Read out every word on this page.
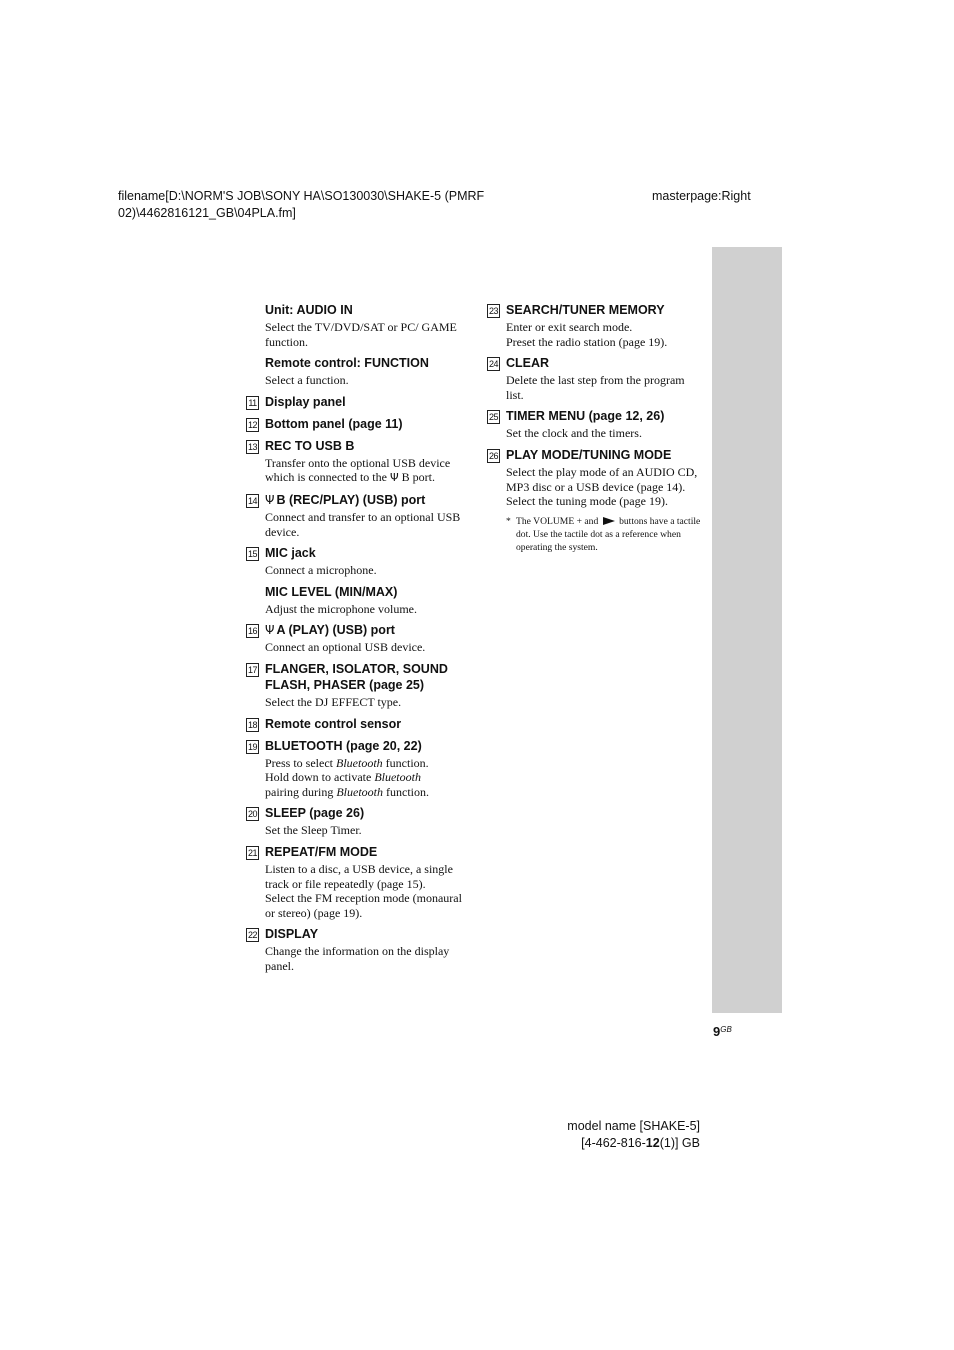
filename[D:\NORM'S JOB\SONY HA\SO130030\SHAKE-5 (PMRF 02)\4462816121_GB\04PLA.fm]
masterpage:Right
Unit: AUDIO IN
Select the TV/DVD/SAT or PC/ GAME function.
Remote control: FUNCTION
Select a function.
11 Display panel
12 Bottom panel (page 11)
13 REC TO USB B
Transfer onto the optional USB device which is connected to the Ψ B port.
14 Ψ B (REC/PLAY) (USB) port
Connect and transfer to an optional USB device.
15 MIC jack
Connect a microphone.
MIC LEVEL (MIN/MAX)
Adjust the microphone volume.
16 Ψ A (PLAY) (USB) port
Connect an optional USB device.
17 FLANGER, ISOLATOR, SOUND FLASH, PHASER (page 25)
Select the DJ EFFECT type.
18 Remote control sensor
19 BLUETOOTH (page 20, 22)
Press to select Bluetooth function.
Hold down to activate Bluetooth
pairing during Bluetooth function.
20 SLEEP (page 26)
Set the Sleep Timer.
21 REPEAT/FM MODE
Listen to a disc, a USB device, a single track or file repeatedly (page 15).
Select the FM reception mode (monaural or stereo) (page 19).
22 DISPLAY
Change the information on the display panel.
23 SEARCH/TUNER MEMORY
Enter or exit search mode.
Preset the radio station (page 19).
24 CLEAR
Delete the last step from the program list.
25 TIMER MENU (page 12, 26)
Set the clock and the timers.
26 PLAY MODE/TUNING MODE
Select the play mode of an AUDIO CD, MP3 disc or a USB device (page 14).
Select the tuning mode (page 19).
* The VOLUME + and buttons have a tactile dot. Use the tactile dot as a reference when operating the system.
$9^{GB}$
model name [SHAKE-5]
[4-462-816-12(1)] GB
